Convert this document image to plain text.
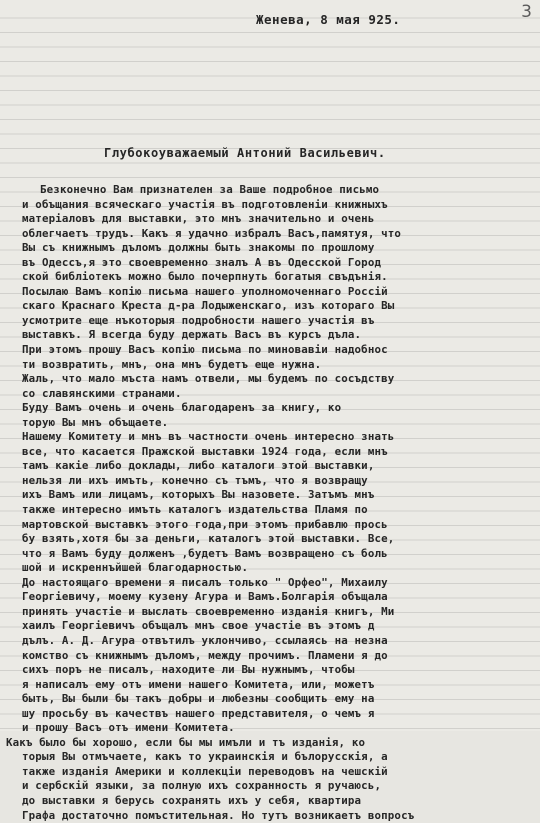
3
Женева, 8 мая 925.
Глубокоуважаемый Антоний Васильевич.
Безконечно Вам признателен за Ваше подробное письмо
и объщания всяческаго участія въ подготовленіи книжныхъ
матеріаловъ для выставки, это мнъ значительно и очень
облегчаетъ трудъ. Какъ я удачно избралъ Васъ,памятуя, что
Вы съ книжнымъ дъломъ должны быть знакомы по прошлому
въ Одессъ,я это своевременно зналъ А въ Одесской Город
ской библіотекъ можно было почерпнуть богатыя свъдънія.
Посылаю Вамъ копію письма нашего уполномоченнаго Россій
скаго Краснаго Креста д-ра Лодыженскаго, изъ котораго Вы
усмотрите еще нъкоторыя подробности нашего участія въ
выставкъ. Я всегда буду держать Васъ въ курсъ дъла.
При этомъ прошу Васъ копію письма по миновавіи надобнос
ти возвратить, мнъ, она мнъ будетъ еще нужна.
Жаль, что мало мъста намъ отвели, мы будемъ по сосъдству
со славянскими странами.
Буду Вамъ очень и очень благодаренъ за книгу, ко
торую Вы мнъ объщаете.
Нашему Комитету и мнъ въ частности очень интересно знать
все, что касается Пражской выставки 1924 года, если мнъ
тамъ какіе либо доклады, либо каталоги этой выставки,
нельзя ли ихъ имъть, конечно съ тъмъ, что я возвращу
ихъ Вамъ или лицамъ, которыхъ Вы назовете. Затъмъ мнъ
также интересно имъть каталогъ издательства Пламя по
мартовской выставкъ этого года,при этомъ прибавлю прось
бу взять,хотя бы за деньги, каталогъ этой выставки. Все,
что я Вамъ буду долженъ ,будетъ Вамъ возвращено съ боль
шой и искреннъйшей благодарностью.
До настоящаго времени я писалъ только " Орфео", Михаилу
Георгіевичу, моему кузену Агура и Вамъ.Болгарія объщала
принять участіе и выслать своевременно изданія книгъ, Ми
хаилъ Георгіевичъ объщалъ мнъ свое участіе въ этомъ д
дълъ. А. Д. Агура отвътилъ уклончиво, ссылаясь на незна
комство съ книжнымъ дъломъ, между прочимъ. Пламени я до
сихъ поръ не писалъ, находите ли Вы нужнымъ, чтобы
я написалъ ему отъ имени нашего Комитета, или, можетъ
быть, Вы были бы такъ добры и любезны сообщить ему на
шу просьбу въ качествъ нашего представителя, о чемъ я
и прошу Васъ отъ имени Комитета.
Какъ было бы хорошо, если бы мы имъли и тъ изданія, ко
торыя Вы отмъчаете, какъ то украинскія и бълорусскія, а
также изданія Америки и коллекціи переводовъ на чешскій
и сербскій языки, за полную ихъ сохранность я ручаюсь,
до выставки я берусь сохранять ихъ у себя, квартира
Графа достаточно помъстительная. Но тутъ возникаетъ вопросъ
